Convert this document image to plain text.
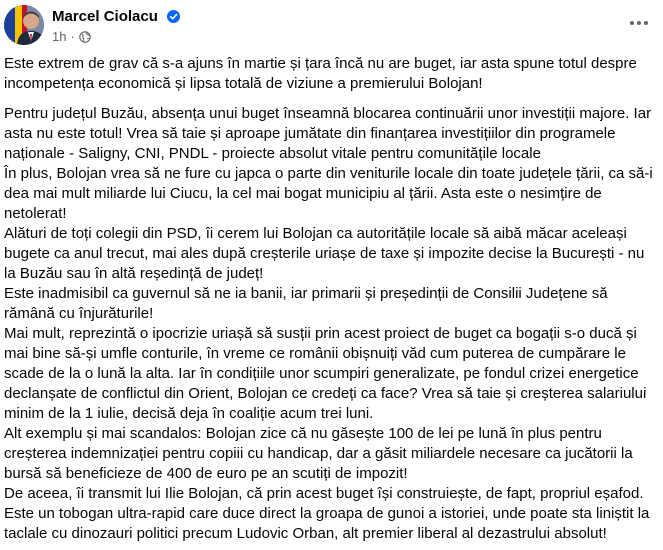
Marcel Ciolacu
1h ·

Este extrem de grav că s-a ajuns în martie și țara încă nu are buget, iar asta spune totul despre incompetența economică și lipsa totală de viziune a premierului Bolojan!

Pentru județul Buzău, absența unui buget înseamnă blocarea continuării unor investiții majore. Iar asta nu este totul! Vrea să taie și aproape jumătate din finanțarea investițiilor din programele naționale - Saligny, CNI, PNDL - proiecte absolut vitale pentru comunitățile locale

În plus, Bolojan vrea să ne fure cu japca o parte din veniturile locale din toate județele țării, ca să-i dea mai mult miliarde lui Ciucu, la cel mai bogat municipiu al țării. Asta este o nesimțire de netolerat!

Alături de toți colegii din PSD, îi cerem lui Bolojan ca autoritățile locale să aibă măcar aceleași bugete ca anul trecut, mai ales după creșterile uriașe de taxe și impozite decise la București - nu la Buzău sau în altă reședință de județ!

Este inadmisibil ca guvernul să ne ia banii, iar primarii și președinții de Consilii Județene să rămână cu înjurăturile!

Mai mult, reprezintă o ipocrizie uriașă să susții prin acest proiect de buget ca bogații s-o ducă și mai bine să-și umfle conturile, în vreme ce românii obișnuiți văd cum puterea de cumpărare le scade de la o lună la alta. Iar în condițiile unor scumpiri generalizate, pe fondul crizei energetice declanșate de conflictul din Orient, Bolojan ce credeți ca face? Vrea să taie și creșterea salariului minim de la 1 iulie, decisă deja în coaliție acum trei luni.

Alt exemplu și mai scandalos: Bolojan zice că nu găsește 100 de lei pe lună în plus pentru creșterea indemnizației pentru copiii cu handicap, dar a găsit miliardele necesare ca jucătorii la bursă să beneficieze de 400 de euro pe an scutiți de impozit!

De aceea, îi transmit lui Ilie Bolojan, că prin acest buget își construiește, de fapt, propriul eșafod. Este un tobogan ultra-rapid care duce direct la groapa de gunoi a istoriei, unde poate sta liniștit la taclale cu dinozauri politici precum Ludovic Orban, alt premier liberal al dezastrului absolut!
